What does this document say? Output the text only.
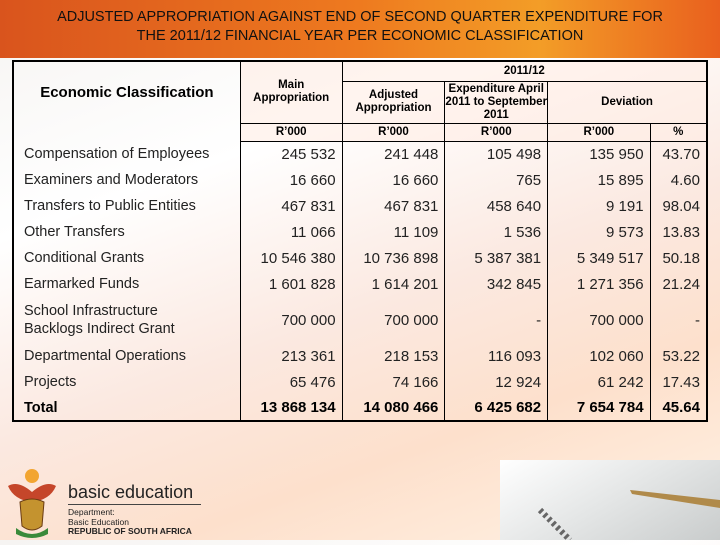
ADJUSTED APPROPRIATION AGAINST END OF SECOND QUARTER EXPENDITURE FOR
THE 2011/12 FINANCIAL YEAR PER ECONOMIC CLASSIFICATION
Economic Classification	Main Appropriation	2011/12			
		Adjusted Appropriation	Expenditure April 2011 to September 2011	Deviation	
	R’000	R’000	R’000	R’000	%
Compensation of Employees	245 532	241 448	105 498	135 950	43.70
Examiners and Moderators	16 660	16 660	765	15 895	4.60
Transfers to Public Entities	467 831	467 831	458 640	9 191	98.04
Other Transfers	11 066	11 109	1 536	9 573	13.83
Conditional Grants	10 546 380	10 736 898	5 387 381	5 349 517	50.18
Earmarked Funds	1 601 828	1 614 201	342 845	1 271 356	21.24
School Infrastructure Backlogs Indirect Grant	700 000	700 000	-	700 000	-
Departmental Operations	213 361	218 153	116 093	102 060	53.22
Projects	65 476	74 166	12 924	61 242	17.43
Total	13 868 134	14 080 466	6 425 682	7 654 784	45.64
basic education
Department:
Basic Education
REPUBLIC OF SOUTH AFRICA
